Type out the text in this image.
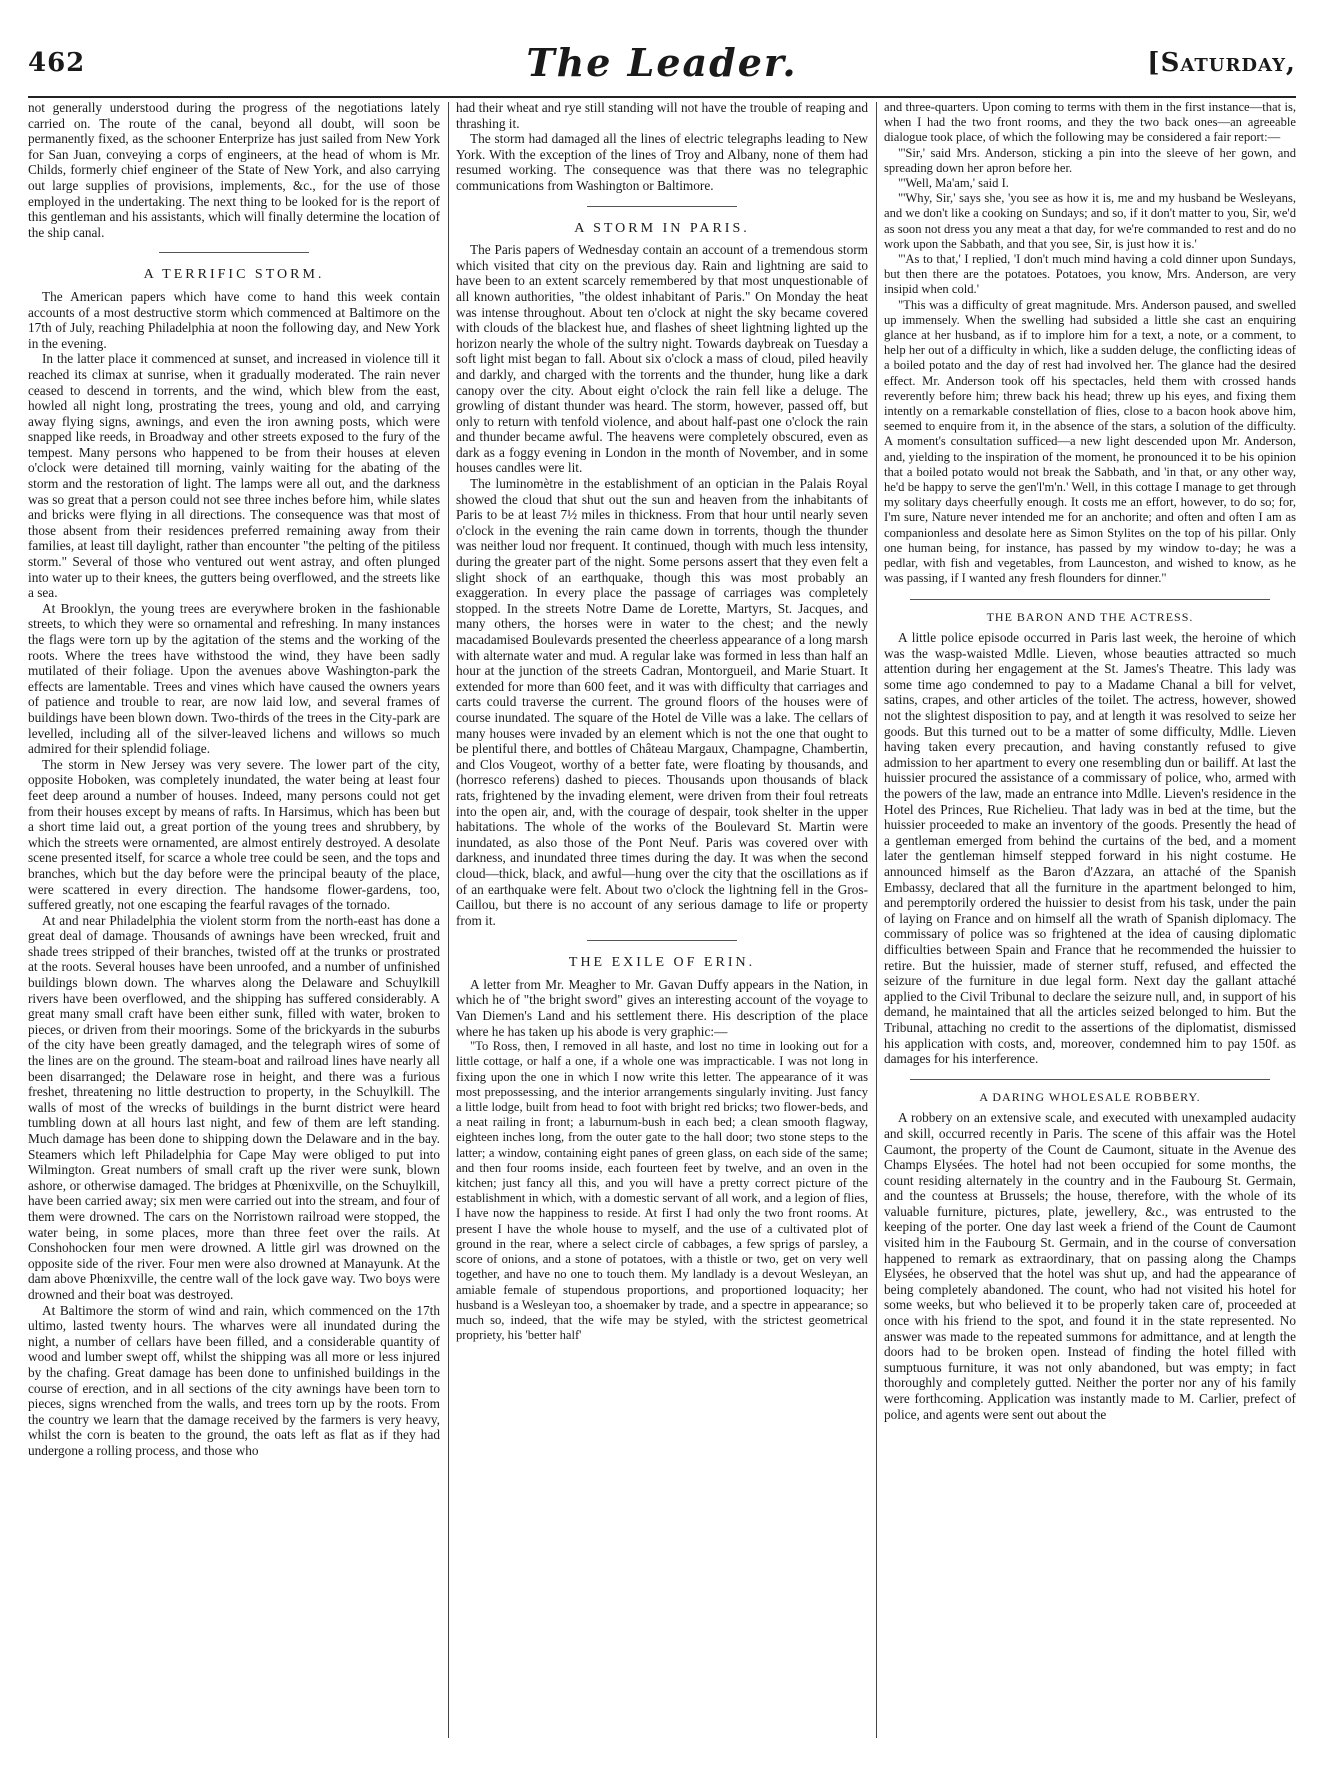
462	The Leader.	[Saturday,

not generally understood during the progress of the negotiations lately carried on. The route of the canal, beyond all doubt, will soon be permanently fixed, as the schooner Enterprize has just sailed from New York for San Juan, conveying a corps of engineers, at the head of whom is Mr. Childs, formerly chief engineer of the State of New York, and also carrying out large supplies of provisions, implements, &c., for the use of those employed in the undertaking. The next thing to be looked for is the report of this gentleman and his assistants, which will finally determine the location of the ship canal.

A TERRIFIC STORM.

The American papers which have come to hand this week contain accounts of a most destructive storm which commenced at Baltimore on the 17th of July, reaching Philadelphia at noon the following day, and New York in the evening.

In the latter place it commenced at sunset, and increased in violence till it reached its climax at sunrise, when it gradually moderated. The rain never ceased to descend in torrents, and the wind, which blew from the east, howled all night long, prostrating the trees, young and old, and carrying away flying signs, awnings, and even the iron awning posts, which were snapped like reeds, in Broadway and other streets exposed to the fury of the tempest. Many persons who happened to be from their houses at eleven o'clock were detained till morning, vainly waiting for the abating of the storm and the restoration of light. The lamps were all out, and the darkness was so great that a person could not see three inches before him, while slates and bricks were flying in all directions. The consequence was that most of those absent from their residences preferred remaining away from their families, at least till daylight, rather than encounter "the pelting of the pitiless storm." Several of those who ventured out went astray, and often plunged into water up to their knees, the gutters being overflowed, and the streets like a sea.

At Brooklyn, the young trees are everywhere broken in the fashionable streets, to which they were so ornamental and refreshing. In many instances the flags were torn up by the agitation of the stems and the working of the roots. Where the trees have withstood the wind, they have been sadly mutilated of their foliage. Upon the avenues above Washington-park the effects are lamentable. Trees and vines which have caused the owners years of patience and trouble to rear, are now laid low, and several frames of buildings have been blown down. Two-thirds of the trees in the City-park are levelled, including all of the silver-leaved lichens and willows so much admired for their splendid foliage.

The storm in New Jersey was very severe. The lower part of the city, opposite Hoboken, was completely inundated, the water being at least four feet deep around a number of houses. Indeed, many persons could not get from their houses except by means of rafts. In Harsimus, which has been but a short time laid out, a great portion of the young trees and shrubbery, by which the streets were ornamented, are almost entirely destroyed. A desolate scene presented itself, for scarce a whole tree could be seen, and the tops and branches, which but the day before were the principal beauty of the place, were scattered in every direction. The handsome flower-gardens, too, suffered greatly, not one escaping the fearful ravages of the tornado.

At and near Philadelphia the violent storm from the north-east has done a great deal of damage. Thousands of awnings have been wrecked, fruit and shade trees stripped of their branches, twisted off at the trunks or prostrated at the roots. Several houses have been unroofed, and a number of unfinished buildings blown down. The wharves along the Delaware and Schuylkill rivers have been overflowed, and the shipping has suffered considerably. A great many small craft have been either sunk, filled with water, broken to pieces, or driven from their moorings. Some of the brickyards in the suburbs of the city have been greatly damaged, and the telegraph wires of some of the lines are on the ground. The steam-boat and railroad lines have nearly all been disarranged; the Delaware rose in height, and there was a furious freshet, threatening no little destruction to property, in the Schuylkill. The walls of most of the wrecks of buildings in the burnt district were heard tumbling down at all hours last night, and few of them are left standing. Much damage has been done to shipping down the Delaware and in the bay. Steamers which left Philadelphia for Cape May were obliged to put into Wilmington. Great numbers of small craft up the river were sunk, blown ashore, or otherwise damaged. The bridges at Phœnixville, on the Schuylkill, have been carried away; six men were carried out into the stream, and four of them were drowned. The cars on the Norristown railroad were stopped, the water being, in some places, more than three feet over the rails. At Conshohocken four men were drowned. A little girl was drowned on the opposite side of the river. Four men were also drowned at Manayunk. At the dam above Phœnixville, the centre wall of the lock gave way. Two boys were drowned and their boat was destroyed.

At Baltimore the storm of wind and rain, which commenced on the 17th ultimo, lasted twenty hours. The wharves were all inundated during the night, a number of cellars have been filled, and a considerable quantity of wood and lumber swept off, whilst the shipping was all more or less injured by the chafing. Great damage has been done to unfinished buildings in the course of erection, and in all sections of the city awnings have been torn to pieces, signs wrenched from the walls, and trees torn up by the roots. From the country we learn that the damage received by the farmers is very heavy, whilst the corn is beaten to the ground, the oats left as flat as if they had undergone a rolling process, and those who

had their wheat and rye still standing will not have the trouble of reaping and thrashing it.

The storm had damaged all the lines of electric telegraphs leading to New York. With the exception of the lines of Troy and Albany, none of them had resumed working. The consequence was that there was no telegraphic communications from Washington or Baltimore.

A STORM IN PARIS.

The Paris papers of Wednesday contain an account of a tremendous storm which visited that city on the previous day. Rain and lightning are said to have been to an extent scarcely remembered by that most unquestionable of all known authorities, "the oldest inhabitant of Paris." On Monday the heat was intense throughout. About ten o'clock at night the sky became covered with clouds of the blackest hue, and flashes of sheet lightning lighted up the horizon nearly the whole of the sultry night. Towards daybreak on Tuesday a soft light mist began to fall. About six o'clock a mass of cloud, piled heavily and darkly, and charged with the torrents and the thunder, hung like a dark canopy over the city. About eight o'clock the rain fell like a deluge. The growling of distant thunder was heard. The storm, however, passed off, but only to return with tenfold violence, and about half-past one o'clock the rain and thunder became awful. The heavens were completely obscured, even as dark as a foggy evening in London in the month of November, and in some houses candles were lit.

The luminomètre in the establishment of an optician in the Palais Royal showed the cloud that shut out the sun and heaven from the inhabitants of Paris to be at least 7½ miles in thickness. From that hour until nearly seven o'clock in the evening the rain came down in torrents, though the thunder was neither loud nor frequent. It continued, though with much less intensity, during the greater part of the night. Some persons assert that they even felt a slight shock of an earthquake, though this was most probably an exaggeration. In every place the passage of carriages was completely stopped. In the streets Notre Dame de Lorette, Martyrs, St. Jacques, and many others, the horses were in water to the chest; and the newly macadamised Boulevards presented the cheerless appearance of a long marsh with alternate water and mud. A regular lake was formed in less than half an hour at the junction of the streets Cadran, Montorgueil, and Marie Stuart. It extended for more than 600 feet, and it was with difficulty that carriages and carts could traverse the current. The ground floors of the houses were of course inundated. The square of the Hotel de Ville was a lake. The cellars of many houses were invaded by an element which is not the one that ought to be plentiful there, and bottles of Château Margaux, Champagne, Chambertin, and Clos Vougeot, worthy of a better fate, were floating by thousands, and (horresco referens) dashed to pieces. Thousands upon thousands of black rats, frightened by the invading element, were driven from their foul retreats into the open air, and, with the courage of despair, took shelter in the upper habitations. The whole of the works of the Boulevard St. Martin were inundated, as also those of the Pont Neuf. Paris was covered over with darkness, and inundated three times during the day. It was when the second cloud—thick, black, and awful—hung over the city that the oscillations as if of an earthquake were felt. About two o'clock the lightning fell in the Gros-Caillou, but there is no account of any serious damage to life or property from it.

THE EXILE OF ERIN.

A letter from Mr. Meagher to Mr. Gavan Duffy appears in the Nation, in which he of "the bright sword" gives an interesting account of the voyage to Van Diemen's Land and his settlement there. His description of the place where he has taken up his abode is very graphic:—

"To Ross, then, I removed in all haste, and lost no time in looking out for a little cottage, or half a one, if a whole one was impracticable. I was not long in fixing upon the one in which I now write this letter. The appearance of it was most prepossessing, and the interior arrangements singularly inviting. Just fancy a little lodge, built from head to foot with bright red bricks; two flower-beds, and a neat railing in front; a laburnum-bush in each bed; a clean smooth flagway, eighteen inches long, from the outer gate to the hall door; two stone steps to the latter; a window, containing eight panes of green glass, on each side of the same; and then four rooms inside, each fourteen feet by twelve, and an oven in the kitchen; just fancy all this, and you will have a pretty correct picture of the establishment in which, with a domestic servant of all work, and a legion of flies, I have now the happiness to reside. At first I had only the two front rooms. At present I have the whole house to myself, and the use of a cultivated plot of ground in the rear, where a select circle of cabbages, a few sprigs of parsley, a score of onions, and a stone of potatoes, with a thistle or two, get on very well together, and have no one to touch them. My landlady is a devout Wesleyan, an amiable female of stupendous proportions, and proportioned loquacity; her husband is a Wesleyan too, a shoemaker by trade, and a spectre in appearance; so much so, indeed, that the wife may be styled, with the strictest geometrical propriety, his 'better half'

and three-quarters. Upon coming to terms with them in the first instance—that is, when I had the two front rooms, and they the two back ones—an agreeable dialogue took place, of which the following may be considered a fair report:—

"'Sir,' said Mrs. Anderson, sticking a pin into the sleeve of her gown, and spreading down her apron before her.

"'Well, Ma'am,' said I.

"'Why, Sir,' says she, 'you see as how it is, me and my husband be Wesleyans, and we don't like a cooking on Sundays; and so, if it don't matter to you, Sir, we'd as soon not dress you any meat a that day, for we're commanded to rest and do no work upon the Sabbath, and that you see, Sir, is just how it is.'

"'As to that,' I replied, 'I don't much mind having a cold dinner upon Sundays, but then there are the potatoes. Potatoes, you know, Mrs. Anderson, are very insipid when cold.'

"This was a difficulty of great magnitude. Mrs. Anderson paused, and swelled up immensely. When the swelling had subsided a little she cast an enquiring glance at her husband, as if to implore him for a text, a note, or a comment, to help her out of a difficulty in which, like a sudden deluge, the conflicting ideas of a boiled potato and the day of rest had involved her. The glance had the desired effect. Mr. Anderson took off his spectacles, held them with crossed hands reverently before him; threw back his head; threw up his eyes, and fixing them intently on a remarkable constellation of flies, close to a bacon hook above him, seemed to enquire from it, in the absence of the stars, a solution of the difficulty. A moment's consultation sufficed—a new light descended upon Mr. Anderson, and, yielding to the inspiration of the moment, he pronounced it to be his opinion that a boiled potato would not break the Sabbath, and 'in that, or any other way, he'd be happy to serve the gen'l'm'n.' Well, in this cottage I manage to get through my solitary days cheerfully enough. It costs me an effort, however, to do so; for, I'm sure, Nature never intended me for an anchorite; and often and often I am as companionless and desolate here as Simon Stylites on the top of his pillar. Only one human being, for instance, has passed by my window to-day; he was a pedlar, with fish and vegetables, from Launceston, and wished to know, as he was passing, if I wanted any fresh flounders for dinner."

THE BARON AND THE ACTRESS.

A little police episode occurred in Paris last week, the heroine of which was the wasp-waisted Mdlle. Lieven, whose beauties attracted so much attention during her engagement at the St. James's Theatre. This lady was some time ago condemned to pay to a Madame Chanal a bill for velvet, satins, crapes, and other articles of the toilet. The actress, however, showed not the slightest disposition to pay, and at length it was resolved to seize her goods. But this turned out to be a matter of some difficulty, Mdlle. Lieven having taken every precaution, and having constantly refused to give admission to her apartment to every one resembling dun or bailiff. At last the huissier procured the assistance of a commissary of police, who, armed with the powers of the law, made an entrance into Mdlle. Lieven's residence in the Hotel des Princes, Rue Richelieu. That lady was in bed at the time, but the huissier proceeded to make an inventory of the goods. Presently the head of a gentleman emerged from behind the curtains of the bed, and a moment later the gentleman himself stepped forward in his night costume. He announced himself as the Baron d'Azzara, an attaché of the Spanish Embassy, declared that all the furniture in the apartment belonged to him, and peremptorily ordered the huissier to desist from his task, under the pain of laying on France and on himself all the wrath of Spanish diplomacy. The commissary of police was so frightened at the idea of causing diplomatic difficulties between Spain and France that he recommended the huissier to retire. But the huissier, made of sterner stuff, refused, and effected the seizure of the furniture in due legal form. Next day the gallant attaché applied to the Civil Tribunal to declare the seizure null, and, in support of his demand, he maintained that all the articles seized belonged to him. But the Tribunal, attaching no credit to the assertions of the diplomatist, dismissed his application with costs, and, moreover, condemned him to pay 150f. as damages for his interference.

A DARING WHOLESALE ROBBERY.

A robbery on an extensive scale, and executed with unexampled audacity and skill, occurred recently in Paris. The scene of this affair was the Hotel Caumont, the property of the Count de Caumont, situate in the Avenue des Champs Elysées. The hotel had not been occupied for some months, the count residing alternately in the country and in the Faubourg St. Germain, and the countess at Brussels; the house, therefore, with the whole of its valuable furniture, pictures, plate, jewellery, &c., was entrusted to the keeping of the porter. One day last week a friend of the Count de Caumont visited him in the Faubourg St. Germain, and in the course of conversation happened to remark as extraordinary, that on passing along the Champs Elysées, he observed that the hotel was shut up, and had the appearance of being completely abandoned. The count, who had not visited his hotel for some weeks, but who believed it to be properly taken care of, proceeded at once with his friend to the spot, and found it in the state represented. No answer was made to the repeated summons for admittance, and at length the doors had to be broken open. Instead of finding the hotel filled with sumptuous furniture, it was not only abandoned, but was empty; in fact thoroughly and completely gutted. Neither the porter nor any of his family were forthcoming. Application was instantly made to M. Carlier, prefect of police, and agents were sent out about the
